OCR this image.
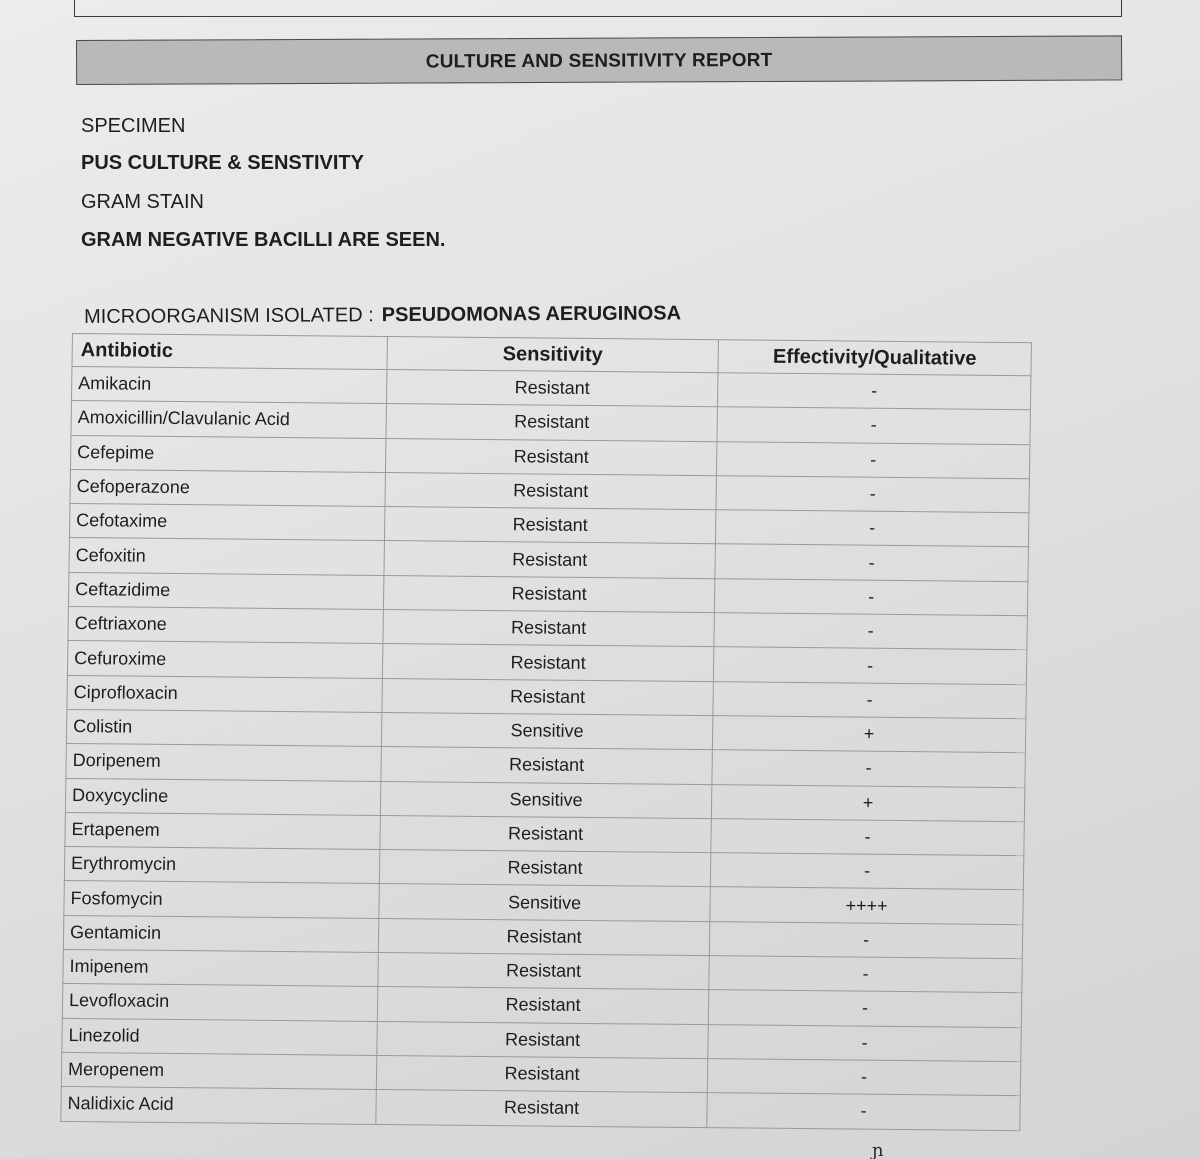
CULTURE AND SENSITIVITY REPORT
SPECIMEN
PUS CULTURE & SENSTIVITY
GRAM STAIN
GRAM NEGATIVE BACILLI ARE SEEN.
MICROORGANISM ISOLATED : PSEUDOMONAS AERUGINOSA
Antibiotic	Sensitivity	Effectivity/Qualitative
Amikacin	Resistant	-
Amoxicillin/Clavulanic Acid	Resistant	-
Cefepime	Resistant	-
Cefoperazone	Resistant	-
Cefotaxime	Resistant	-
Cefoxitin	Resistant	-
Ceftazidime	Resistant	-
Ceftriaxone	Resistant	-
Cefuroxime	Resistant	-
Ciprofloxacin	Resistant	-
Colistin	Sensitive	+
Doripenem	Resistant	-
Doxycycline	Sensitive	+
Ertapenem	Resistant	-
Erythromycin	Resistant	-
Fosfomycin	Sensitive	++++
Gentamicin	Resistant	-
Imipenem	Resistant	-
Levofloxacin	Resistant	-
Linezolid	Resistant	-
Meropenem	Resistant	-
Nalidixic Acid	Resistant	-
ɲ
